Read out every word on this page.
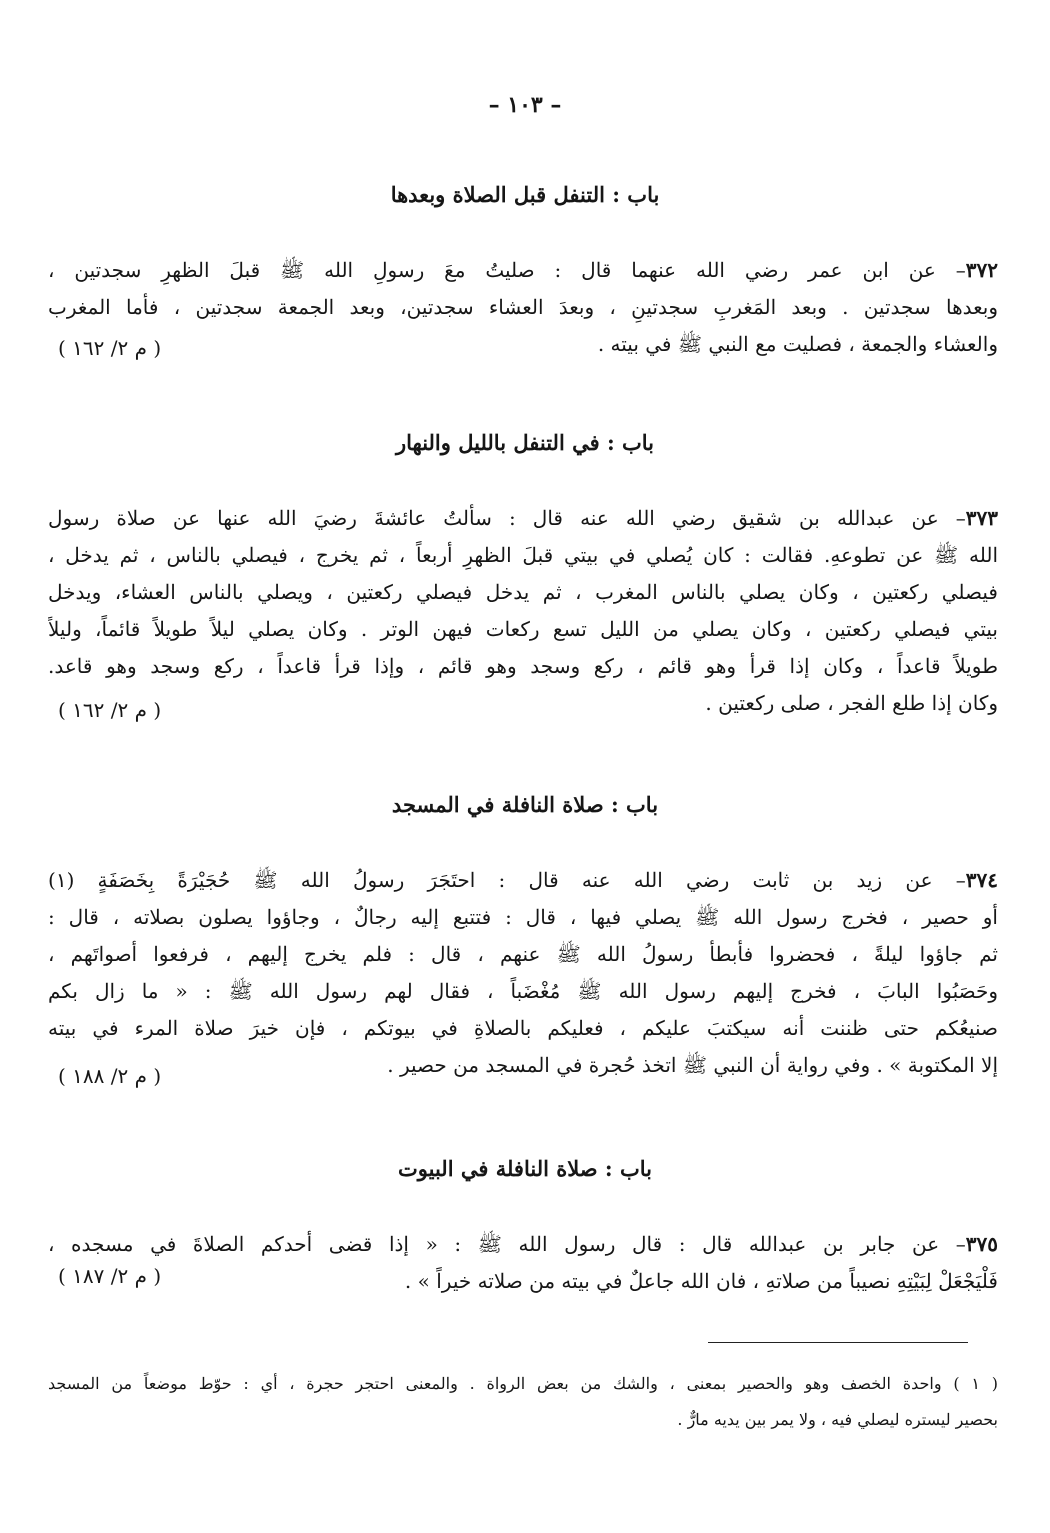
– ١٠٣ –
باب : التنفل قبل الصلاة وبعدها
٣٧٢– عن ابن عمر رضي الله عنهما قال : صليتُ معَ رسولِ الله ﷺ قبلَ الظهرِ سجدتين ،
وبعدها سجدتين . وبعد المَغربِ سجدتينِ ، وبعدَ العشاء سجدتين، وبعد الجمعة سجدتين ، فأما المغرب
والعشاء والجمعة ، فصليت مع النبي ﷺ في بيته .
( م ٢/ ١٦٢ )
باب : في التنفل بالليل والنهار
٣٧٣– عن عبدالله بن شقيق رضي الله عنه قال : سألتُ عائشةَ رضيَ الله عنها عن صلاة رسول
الله ﷺ عن تطوعهِ. فقالت : كان يُصلي في بيتي قبلَ الظهرِ أربعاً ، ثم يخرج ، فيصلي بالناس ، ثم يدخل ،
فيصلي ركعتين ، وكان يصلي بالناس المغرب ، ثم يدخل فيصلي ركعتين ، ويصلي بالناس العشاء، ويدخل
بيتي فيصلي ركعتين ، وكان يصلي من الليل تسع ركعات فيهن الوتر . وكان يصلي ليلاً طويلاً قائماً، وليلاً
طويلاً قاعداً ، وكان إذا قرأ وهو قائم ، ركع وسجد وهو قائم ، وإذا قرأ قاعداً ، ركع وسجد وهو قاعد.
وكان إذا طلع الفجر ، صلى ركعتين .
( م ٢/ ١٦٢ )
باب : صلاة النافلة في المسجد
٣٧٤– عن زيد بن ثابت رضي الله عنه قال : احتَجَرَ رسولُ الله ﷺ حُجَيْرَةً بِخَصَفَةٍ (١)
أو حصير ، فخرج رسول الله ﷺ يصلي فيها ، قال : فتتبع إليه رجالٌ ، وجاؤوا يصلون بصلاته ، قال :
ثم جاؤوا ليلةً ، فحضروا فأبطأ رسولُ الله ﷺ عنهم ، قال : فلم يخرج إليهم ، فرفعوا أصواتَهم ،
وحَصَبُوا البابَ ، فخرج إليهم رسول الله ﷺ مُغْضَباً ، فقال لهم رسول الله ﷺ : « ما زال بكم
صنيعُكم حتى ظننت أنه سيكتبَ عليكم ، فعليكم بالصلاةِ في بيوتكم ، فإن خيرَ صلاة المرء في بيته
إلا المكتوبة » . وفي رواية أن النبي ﷺ اتخذ حُجرة في المسجد من حصير .
( م ٢/ ١٨٨ )
باب : صلاة النافلة في البيوت
٣٧٥– عن جابر بن عبدالله قال : قال رسول الله ﷺ : « إذا قضى أحدكم الصلاةَ في مسجده ،
فَلْيَجْعَلْ لِبَيْتِهِ نصيباً من صلاتهِ ، فان الله جاعلٌ في بيته من صلاته خيراً » .
( م ٢/ ١٨٧ )
( ١ ) واحدة الخصف وهو والحصير بمعنى ، والشك من بعض الرواة . والمعنى احتجر حجرة ، أي : حوّط موضعاً من المسجد
بحصير ليستره ليصلي فيه ، ولا يمر بين يديه مارٌّ .
